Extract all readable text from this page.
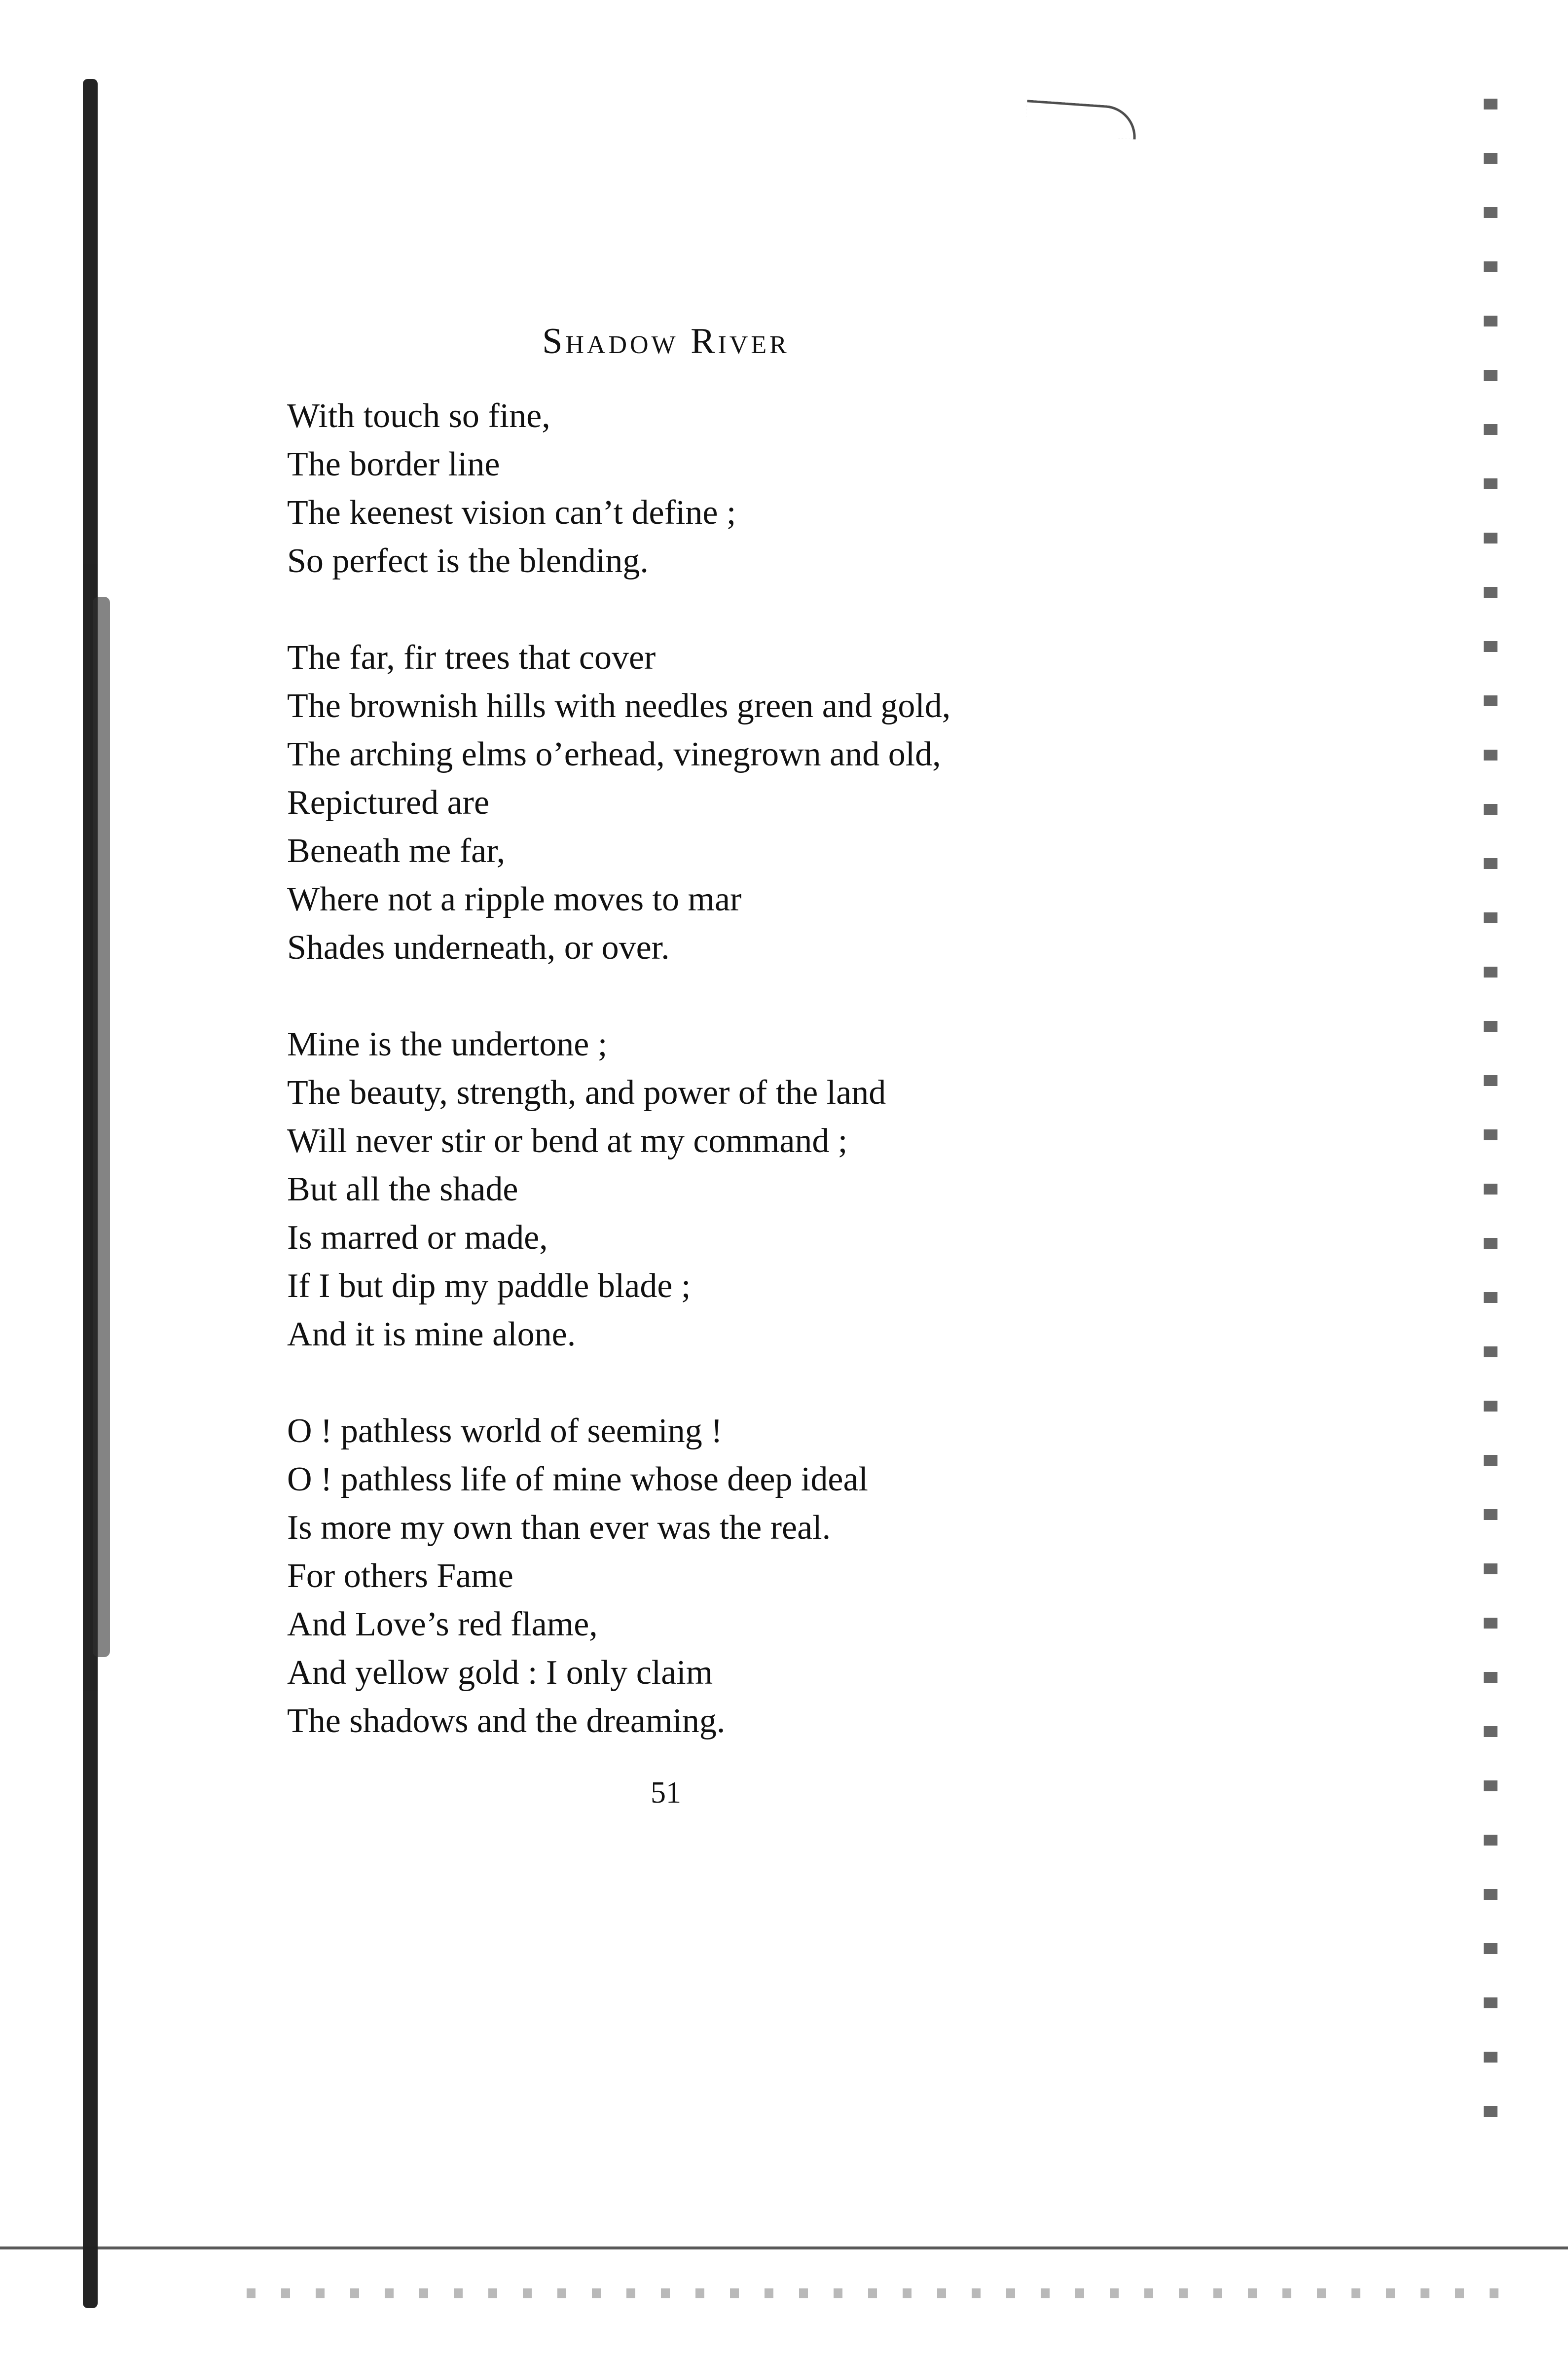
Shadow River
With touch so fine,
The border line
The keenest vision can’t define ;
So perfect is the blending.
The far, fir trees that cover
The brownish hills with needles green and gold,
The arching elms o’erhead, vinegrown and old,
Repictured are
Beneath me far,
Where not a ripple moves to mar
Shades underneath, or over.
Mine is the undertone ;
The beauty, strength, and power of the land
Will never stir or bend at my command ;
But all the shade
Is marred or made,
If I but dip my paddle blade ;
And it is mine alone.
O ! pathless world of seeming !
O ! pathless life of mine whose deep ideal
Is more my own than ever was the real.
For others Fame
And Love’s red flame,
And yellow gold : I only claim
The shadows and the dreaming.
51
